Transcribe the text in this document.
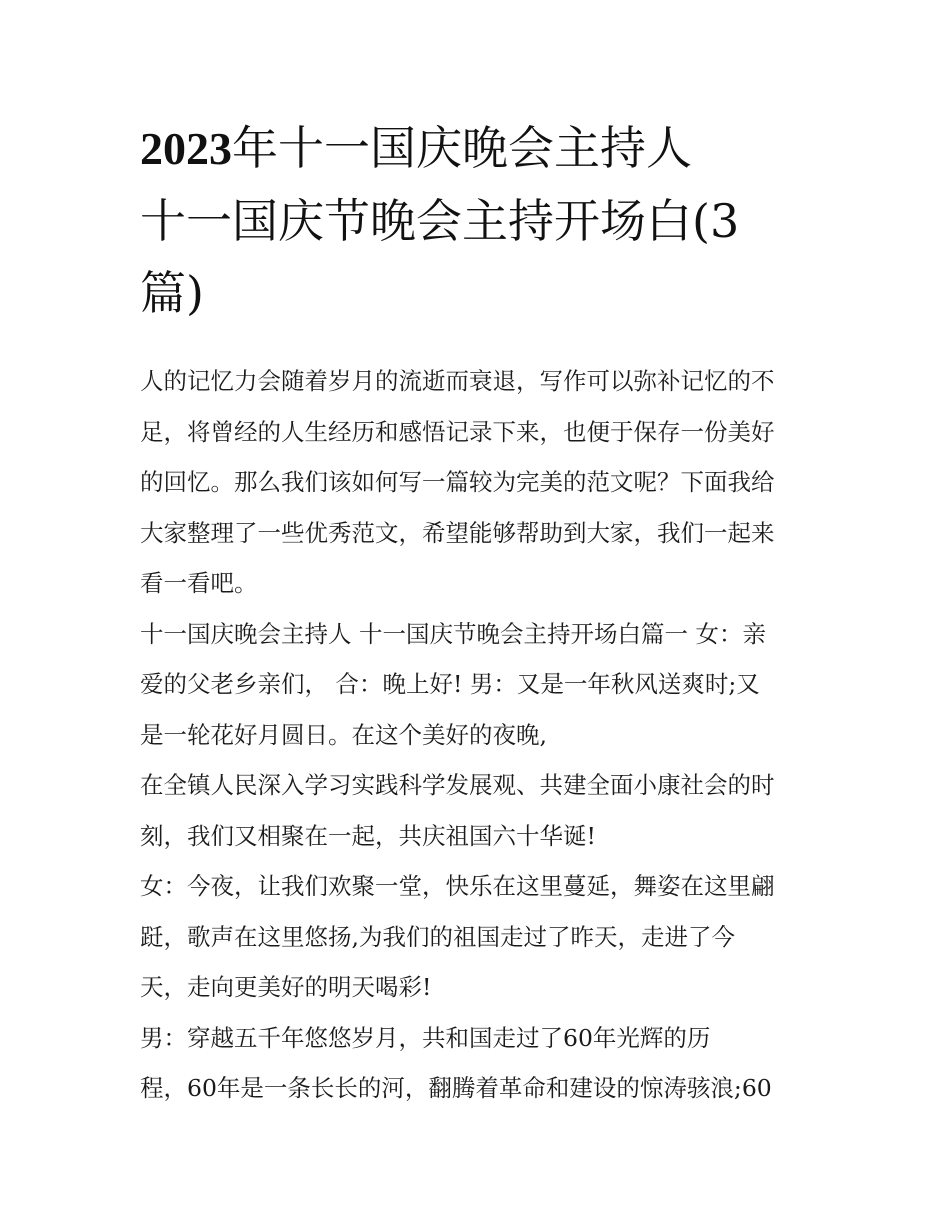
2023年十一国庆晚会主持人
十一国庆节晚会主持开场白(3
篇)
人的记忆力会随着岁月的流逝而衰退，写作可以弥补记忆的不
足，将曾经的人生经历和感悟记录下来，也便于保存一份美好
的回忆。那么我们该如何写一篇较为完美的范文呢？下面我给
大家整理了一些优秀范文，希望能够帮助到大家，我们一起来
看一看吧。
十一国庆晚会主持人 十一国庆节晚会主持开场白篇一 女：亲
爱的父老乡亲们， 合：晚上好! 男：又是一年秋风送爽时;又
是一轮花好月圆日。在这个美好的夜晚,
在全镇人民深入学习实践科学发展观、共建全面小康社会的时
刻，我们又相聚在一起，共庆祖国六十华诞!
女：今夜，让我们欢聚一堂，快乐在这里蔓延，舞姿在这里翩
跹，歌声在这里悠扬,为我们的祖国走过了昨天，走进了今
天，走向更美好的明天喝彩!
男：穿越五千年悠悠岁月，共和国走过了60年光辉的历
程，60年是一条长长的河，翻腾着革命和建设的惊涛骇浪;60
